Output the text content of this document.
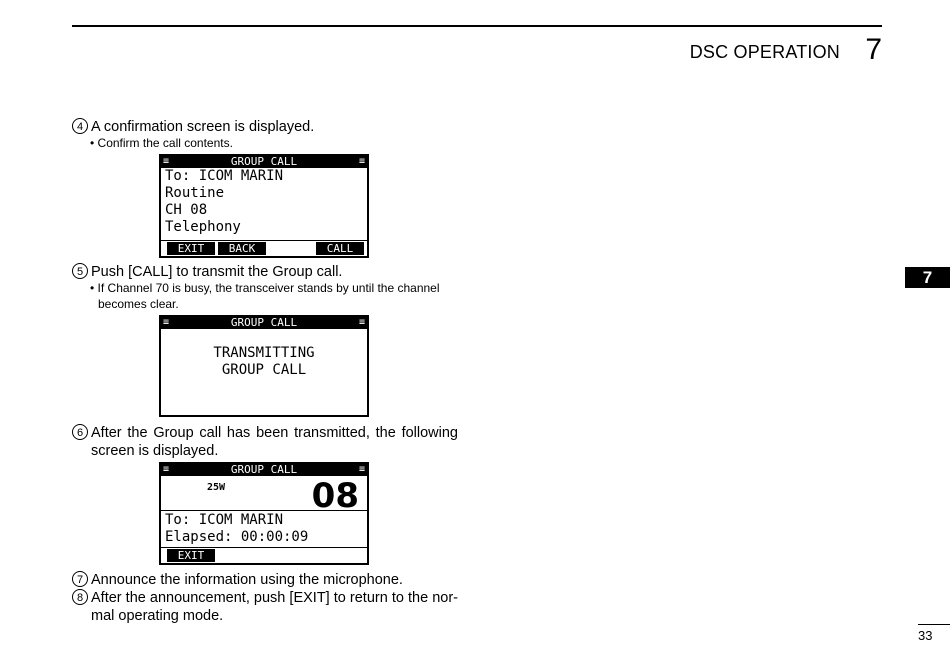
DSC OPERATION 7
7
4 A confirmation screen is displayed.
• Confirm the call contents.
≡	GROUP CALL	≡
To: ICOM MARIN
Routine
CH 08
Telephony
EXIT	BACK	CALL
5 Push [CALL] to transmit the Group call.
• If Channel 70 is busy, the transceiver stands by until the channel becomes clear.
≡	GROUP CALL	≡
TRANSMITTING
GROUP CALL
6 After the Group call has been transmitted, the following screen is displayed.
≡	GROUP CALL	≡
25W	08
To: ICOM MARIN
Elapsed: 00:00:09
EXIT
7 Announce the information using the microphone.
8 After the announcement, push [EXIT] to return to the nor-mal operating mode.
33
